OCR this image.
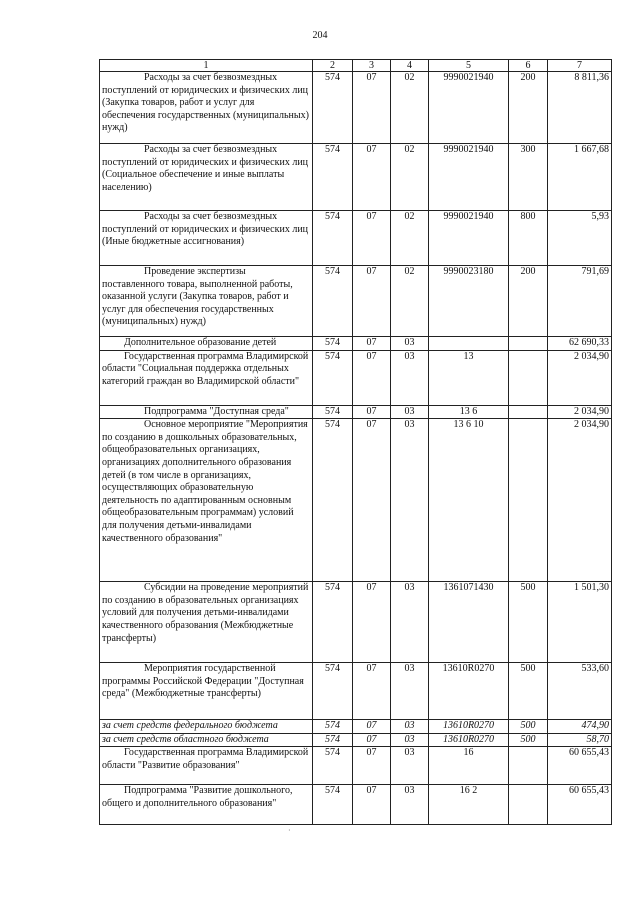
204
1	2	3	4	5	6	7
Расходы за счет безвозмездных поступлений от юридических и физических лиц (Закупка товаров, работ и услуг для обеспечения государственных (муниципальных) нужд)	574	07	02	9990021940	200	8 811,36
Расходы за счет безвозмездных поступлений от юридических и физических лиц (Социальное обеспечение и иные выплаты населению)	574	07	02	9990021940	300	1 667,68
Расходы за счет безвозмездных поступлений от юридических и физических лиц (Иные бюджетные ассигнования)	574	07	02	9990021940	800	5,93
Проведение экспертизы поставленного товара, выполненной работы, оказанной услуги (Закупка товаров, работ и услуг для обеспечения государственных (муниципальных) нужд)	574	07	02	9990023180	200	791,69
Дополнительное образование детей	574	07	03			62 690,33
Государственная программа Владимирской области "Социальная поддержка отдельных категорий граждан во Владимирской области"	574	07	03	13		2 034,90
Подпрограмма "Доступная среда"	574	07	03	13 6		2 034,90
Основное мероприятие "Мероприятия по созданию в дошкольных образовательных, общеобразовательных организациях, организациях дополнительного образования детей (в том числе в организациях, осуществляющих образовательную деятельность по адаптированным основным общеобразовательным программам) условий для получения детьми-инвалидами качественного образования"	574	07	03	13 6 10		2 034,90
Субсидии на проведение мероприятий по созданию в образовательных организациях условий для получения детьми-инвалидами качественного образования (Межбюджетные трансферты)	574	07	03	1361071430	500	1 501,30
Мероприятия государственной программы Российской Федерации "Доступная среда" (Межбюджетные трансферты)	574	07	03	13610R0270	500	533,60
за счет средств федерального бюджета	574	07	03	13610R0270	500	474,90
за счет средств областного бюджета	574	07	03	13610R0270	500	58,70
Государственная программа Владимирской области "Развитие образования"	574	07	03	16		60 655,43
Подпрограмма "Развитие дошкольного, общего и дополнительного образования"	574	07	03	16 2		60 655,43
·
